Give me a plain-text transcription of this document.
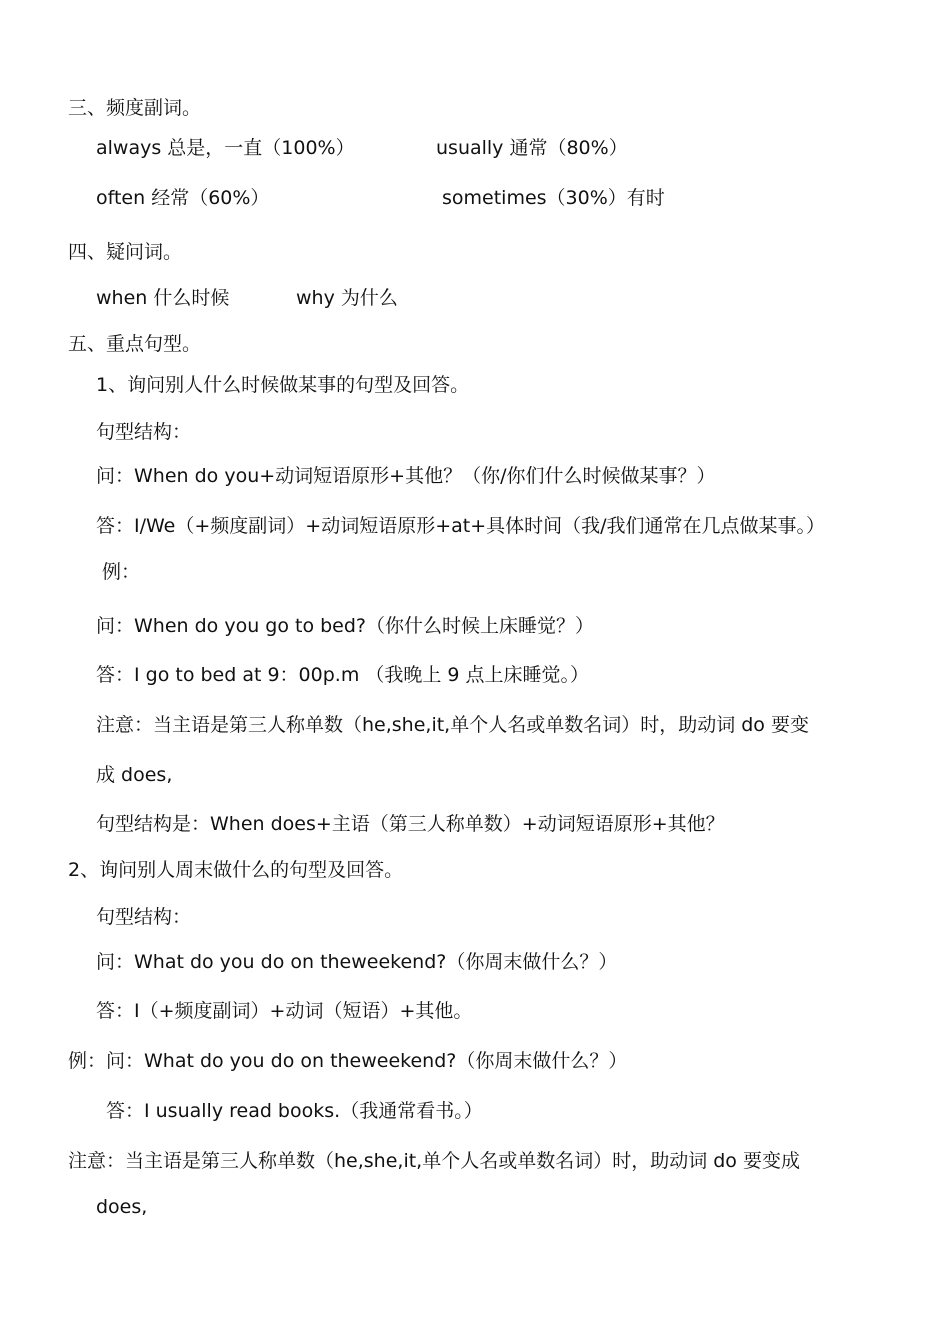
三、频度副词。
always 总是，一直（100%）	usually 通常（80%）
often 经常（60%）	sometimes（30%）有时
四、疑问词。
when 什么时候	why 为什么
五、重点句型。
1、询问别人什么时候做某事的句型及回答。
句型结构：
问：When do you+动词短语原形+其他？（你/你们什么时候做某事？）
答：I/We（+频度副词）+动词短语原形+at+具体时间（我/我们通常在几点做某事。）
例：
问：When do you go to bed?（你什么时候上床睡觉？）
答：I go to bed at 9：00p.m （我晚上 9 点上床睡觉。）
注意：当主语是第三人称单数（he,she,it,单个人名或单数名词）时，助动词 do 要变
成 does,
句型结构是：When does+主语（第三人称单数）+动词短语原形+其他？
2、询问别人周末做什么的句型及回答。
句型结构：
问：What do you do on theweekend?（你周末做什么？）
答：I（+频度副词）+动词（短语）+其他。
例：问：What do you do on theweekend?（你周末做什么？）
答：I usually read books.（我通常看书。）
注意：当主语是第三人称单数（he,she,it,单个人名或单数名词）时，助动词 do 要变成
does,
